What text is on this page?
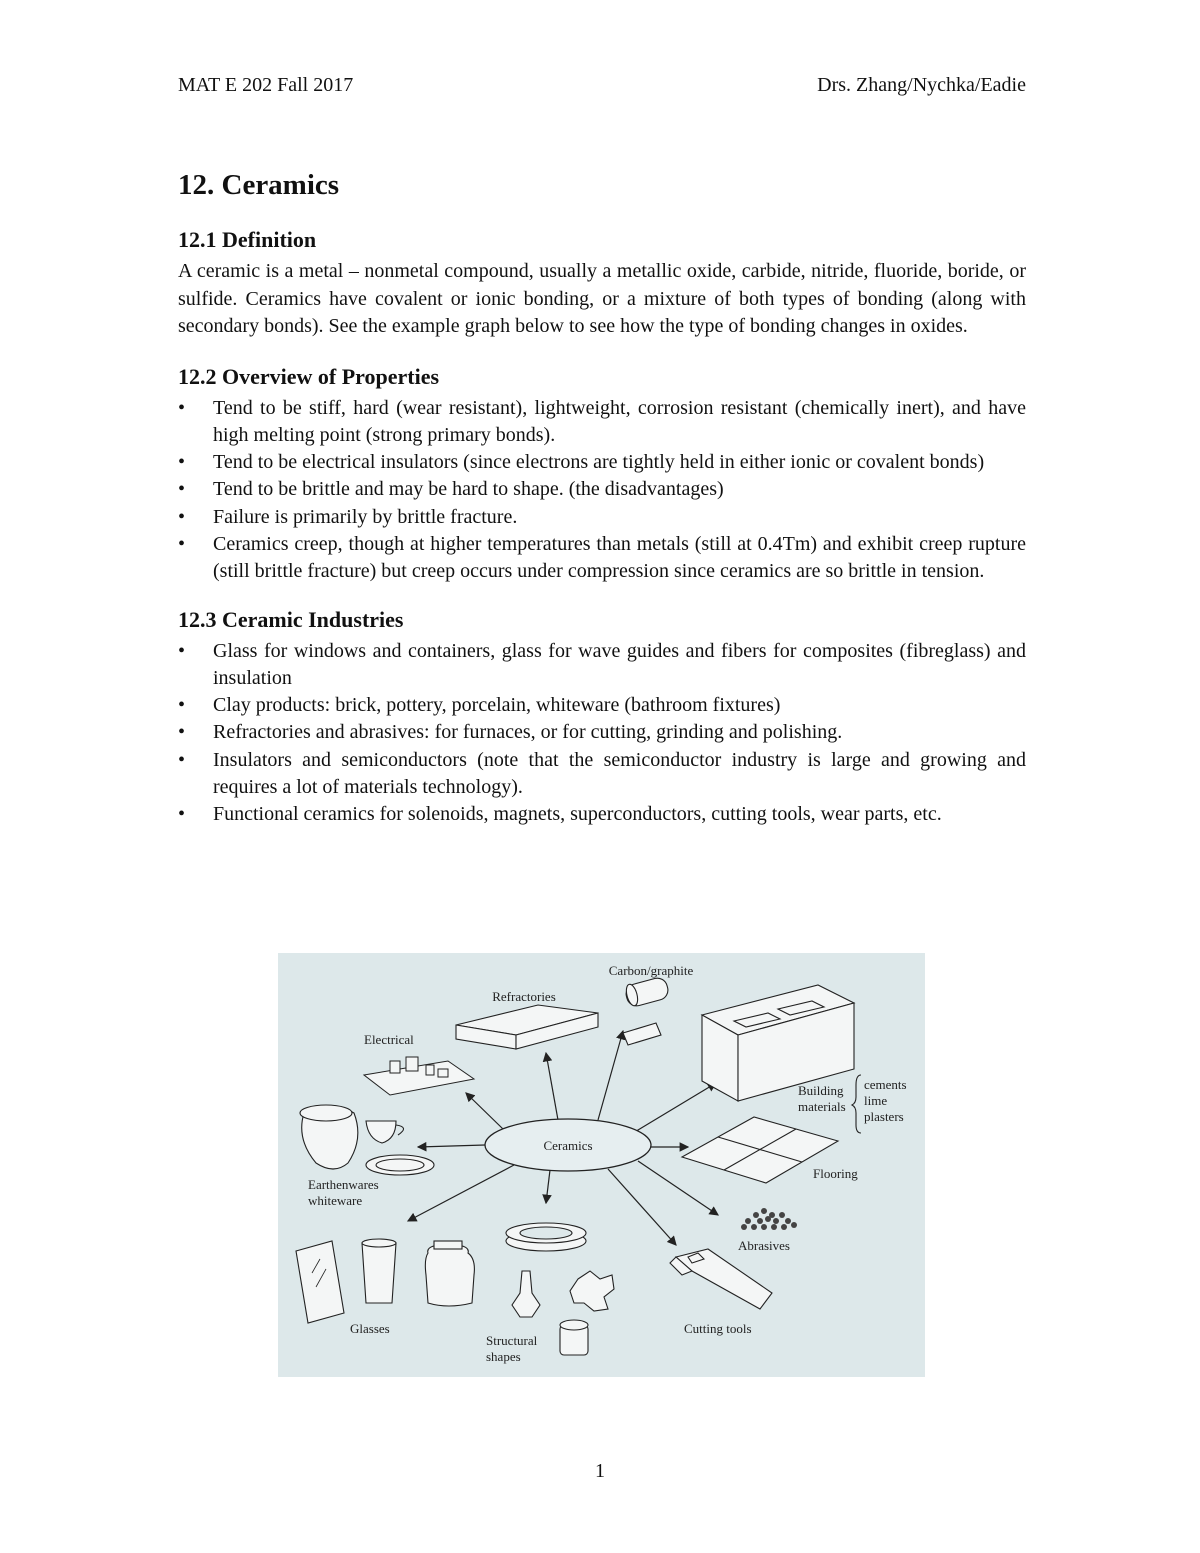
MAT E 202 Fall 2017	Drs. Zhang/Nychka/Eadie
12. Ceramics
12.1 Definition

A ceramic is a metal – nonmetal compound, usually a metallic oxide, carbide, nitride, fluoride, boride, or sulfide. Ceramics have covalent or ionic bonding, or a mixture of both types of bonding (along with secondary bonds). See the example graph below to see how the type of bonding changes in oxides.

12.2 Overview of Properties
• Tend to be stiff, hard (wear resistant), lightweight, corrosion resistant (chemically inert), and have high melting point (strong primary bonds).
• Tend to be electrical insulators (since electrons are tightly held in either ionic or covalent bonds)
• Tend to be brittle and may be hard to shape. (the disadvantages)
• Failure is primarily by brittle fracture.
• Ceramics creep, though at higher temperatures than metals (still at 0.4Tm) and exhibit creep rupture (still brittle fracture) but creep occurs under compression since ceramics are so brittle in tension.
12.3 Ceramic Industries
• Glass for windows and containers, glass for wave guides and fibers for composites (fibreglass) and insulation
• Clay products: brick, pottery, porcelain, whiteware (bathroom fixtures)
• Refractories and abrasives: for furnaces, or for cutting, grinding and polishing.
• Insulators and semiconductors (note that the semiconductor industry is large and growing and requires a lot of materials technology).
• Functional ceramics for solenoids, magnets, superconductors, cutting tools, wear parts, etc.
Ceramics
Carbon/graphite
Refractories
Electrical
Building
materials
cements
lime
plasters
Flooring
Earthenwares
whiteware
Abrasives
Glasses
Structural
shapes
Cutting tools
1
